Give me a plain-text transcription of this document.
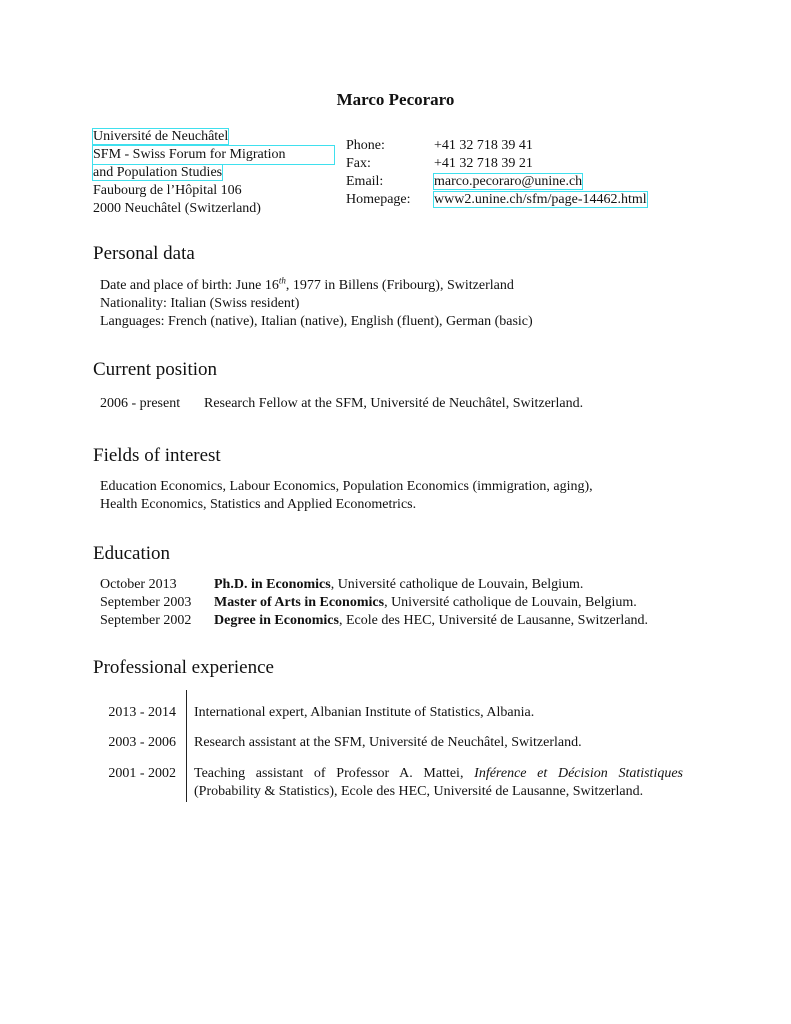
Marco Pecoraro
Université de Neuchâtel
SFM - Swiss Forum for Migration
and Population Studies
Faubourg de l’Hôpital 106
2000 Neuchâtel (Switzerland)
Phone:	+41 32 718 39 41
Fax:	+41 32 718 39 21
Email:	marco.pecoraro@unine.ch
Homepage: www2.unine.ch/sfm/page-14462.html
Personal data
Date and place of birth: June 16th, 1977 in Billens (Fribourg), Switzerland
Nationality: Italian (Swiss resident)
Languages: French (native), Italian (native), English (fluent), German (basic)
Current position
2006 - present Research Fellow at the SFM, Université de Neuchâtel, Switzerland.
Fields of interest
Education Economics, Labour Economics, Population Economics (immigration, aging),
Health Economics, Statistics and Applied Econometrics.
Education
October 2013	Ph.D. in Economics, Université catholique de Louvain, Belgium.
September 2003 Master of Arts in Economics, Université catholique de Louvain, Belgium.
September 2002 Degree in Economics, Ecole des HEC, Université de Lausanne, Switzerland.
Professional experience
2013 - 2014 International expert, Albanian Institute of Statistics, Albania.
2003 - 2006 Research assistant at the SFM, Université de Neuchâtel, Switzerland.
2001 - 2002 Teaching assistant of Professor A. Mattei, Inférence et Décision Statistiques (Probability & Statistics), Ecole des HEC, Université de Lausanne, Switzerland.
